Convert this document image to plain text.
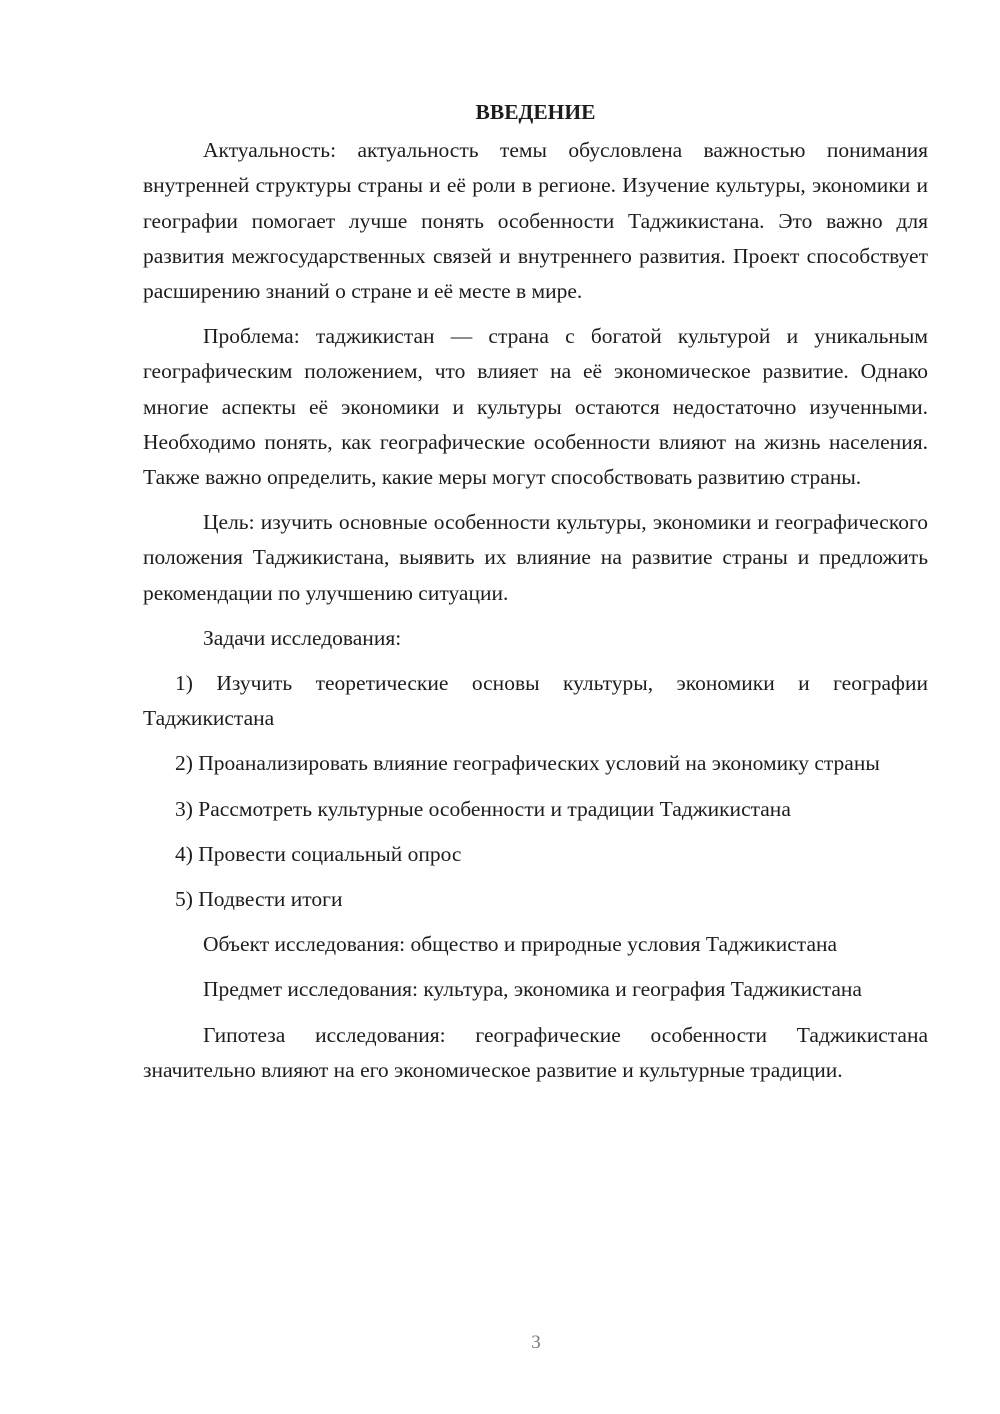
ВВЕДЕНИЕ

Актуальность: актуальность темы обусловлена важностью понимания внутренней структуры страны и её роли в регионе. Изучение культуры, экономики и географии помогает лучше понять особенности Таджикистана. Это важно для развития межгосударственных связей и внутреннего развития. Проект способствует расширению знаний о стране и её месте в мире.

Проблема: таджикистан — страна с богатой культурой и уникальным географическим положением, что влияет на её экономическое развитие. Однако многие аспекты её экономики и культуры остаются недостаточно изученными. Необходимо понять, как географические особенности влияют на жизнь населения. Также важно определить, какие меры могут способствовать развитию страны.

Цель: изучить основные особенности культуры, экономики и географического положения Таджикистана, выявить их влияние на развитие страны и предложить рекомендации по улучшению ситуации.

Задачи исследования:

1) Изучить теоретические основы культуры, экономики и географии Таджикистана

2) Проанализировать влияние географических условий на экономику страны

3) Рассмотреть культурные особенности и традиции Таджикистана

4) Провести социальный опрос

5) Подвести итоги

Объект исследования: общество и природные условия Таджикистана

Предмет исследования: культура, экономика и география Таджикистана

Гипотеза исследования: географические особенности Таджикистана значительно влияют на его экономическое развитие и культурные традиции.

3
